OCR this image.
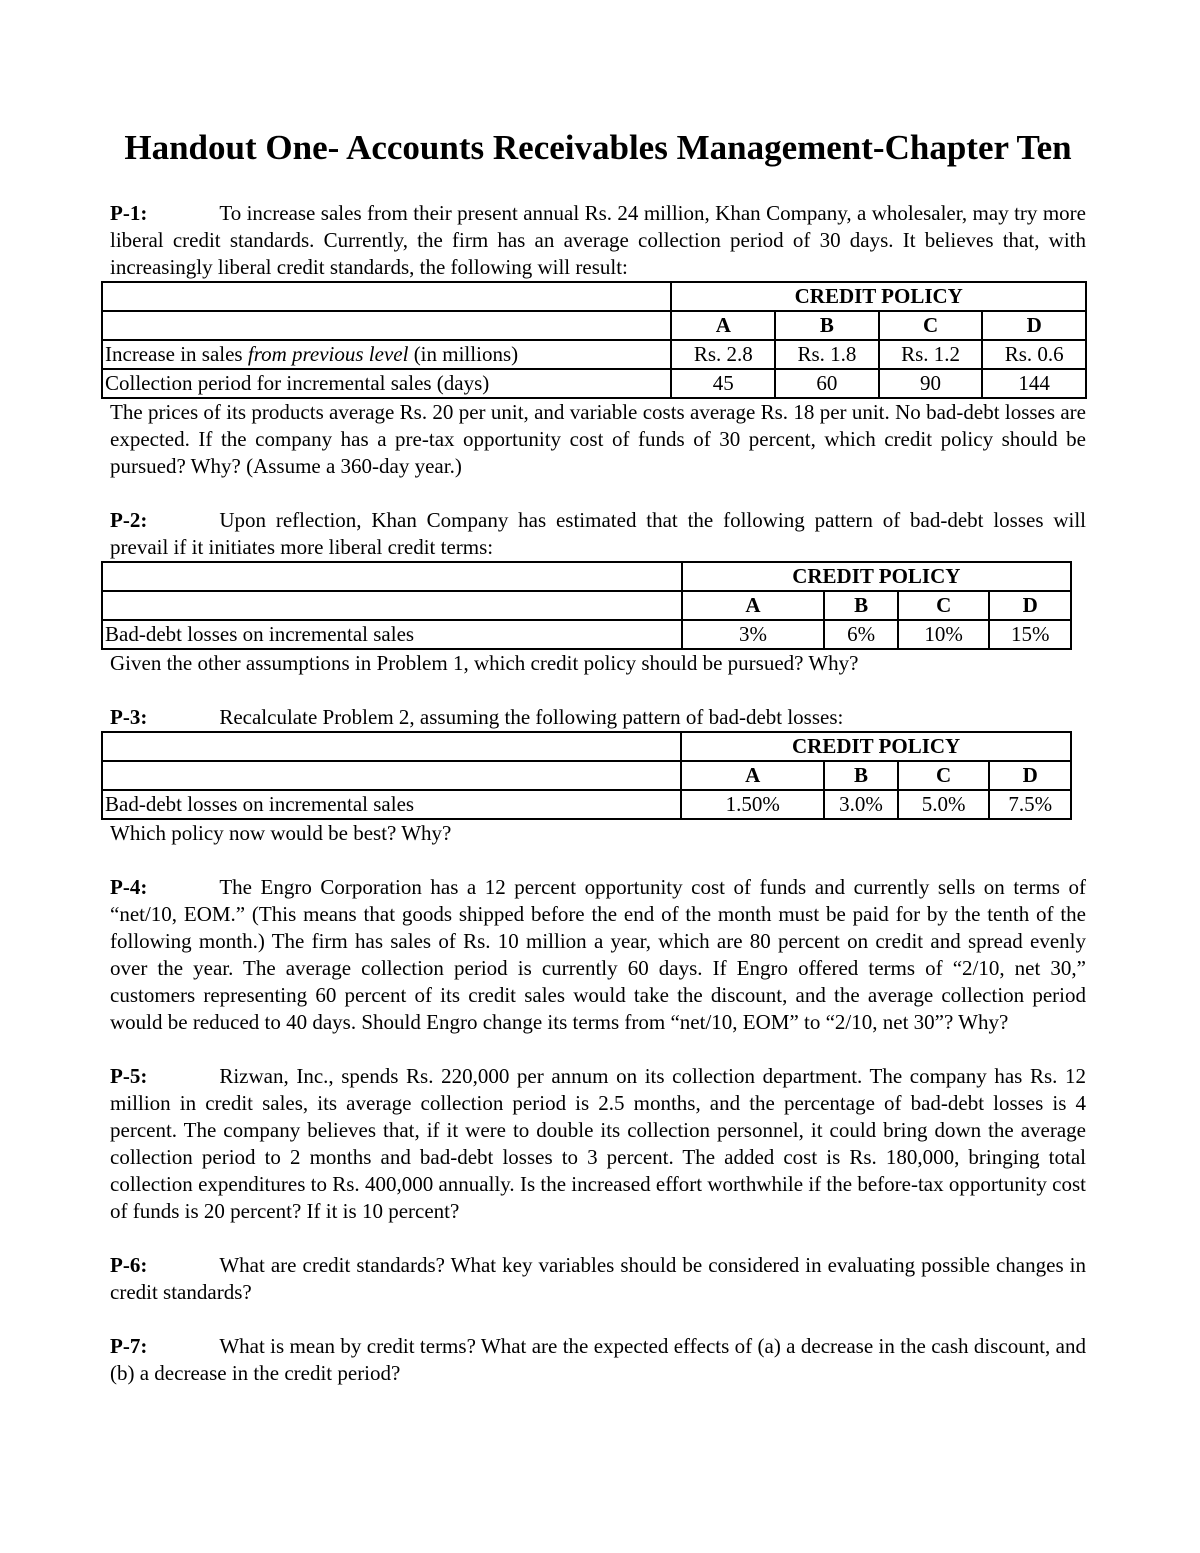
Handout One- Accounts Receivables Management-Chapter Ten

P-1:	To increase sales from their present annual Rs. 24 million, Khan Company, a wholesaler, may try more liberal credit standards. Currently, the firm has an average collection period of 30 days. It believes that, with increasingly liberal credit standards, the following will result:

	CREDIT POLICY			
	A	B	C	D
Increase in sales from previous level (in millions)	Rs. 2.8	Rs. 1.8	Rs. 1.2	Rs. 0.6
Collection period for incremental sales (days)	45	60	90	144

The prices of its products average Rs. 20 per unit, and variable costs average Rs. 18 per unit. No bad-debt losses are expected. If the company has a pre-tax opportunity cost of funds of 30 percent, which credit policy should be pursued? Why? (Assume a 360-day year.)

P-2:	Upon reflection, Khan Company has estimated that the following pattern of bad-debt losses will prevail if it initiates more liberal credit terms:

	CREDIT POLICY			
	A	B	C	D
Bad-debt losses on incremental sales	3%	6%	10%	15%

Given the other assumptions in Problem 1, which credit policy should be pursued? Why?

P-3:	Recalculate Problem 2, assuming the following pattern of bad-debt losses:

	CREDIT POLICY			
	A	B	C	D
Bad-debt losses on incremental sales	1.50%	3.0%	5.0%	7.5%

Which policy now would be best? Why?

P-4:	The Engro Corporation has a 12 percent opportunity cost of funds and currently sells on terms of “net/10, EOM.” (This means that goods shipped before the end of the month must be paid for by the tenth of the following month.) The firm has sales of Rs. 10 million a year, which are 80 percent on credit and spread evenly over the year. The average collection period is currently 60 days. If Engro offered terms of “2/10, net 30,” customers representing 60 percent of its credit sales would take the discount, and the average collection period would be reduced to 40 days. Should Engro change its terms from “net/10, EOM” to “2/10, net 30”? Why?

P-5:	Rizwan, Inc., spends Rs. 220,000 per annum on its collection department. The company has Rs. 12 million in credit sales, its average collection period is 2.5 months, and the percentage of bad-debt losses is 4 percent. The company believes that, if it were to double its collection personnel, it could bring down the average collection period to 2 months and bad-debt losses to 3 percent. The added cost is Rs. 180,000, bringing total collection expenditures to Rs. 400,000 annually. Is the increased effort worthwhile if the before-tax opportunity cost of funds is 20 percent? If it is 10 percent?

P-6:	What are credit standards? What key variables should be considered in evaluating possible changes in credit standards?

P-7:	What is mean by credit terms? What are the expected effects of (a) a decrease in the cash discount, and (b) a decrease in the credit period?
